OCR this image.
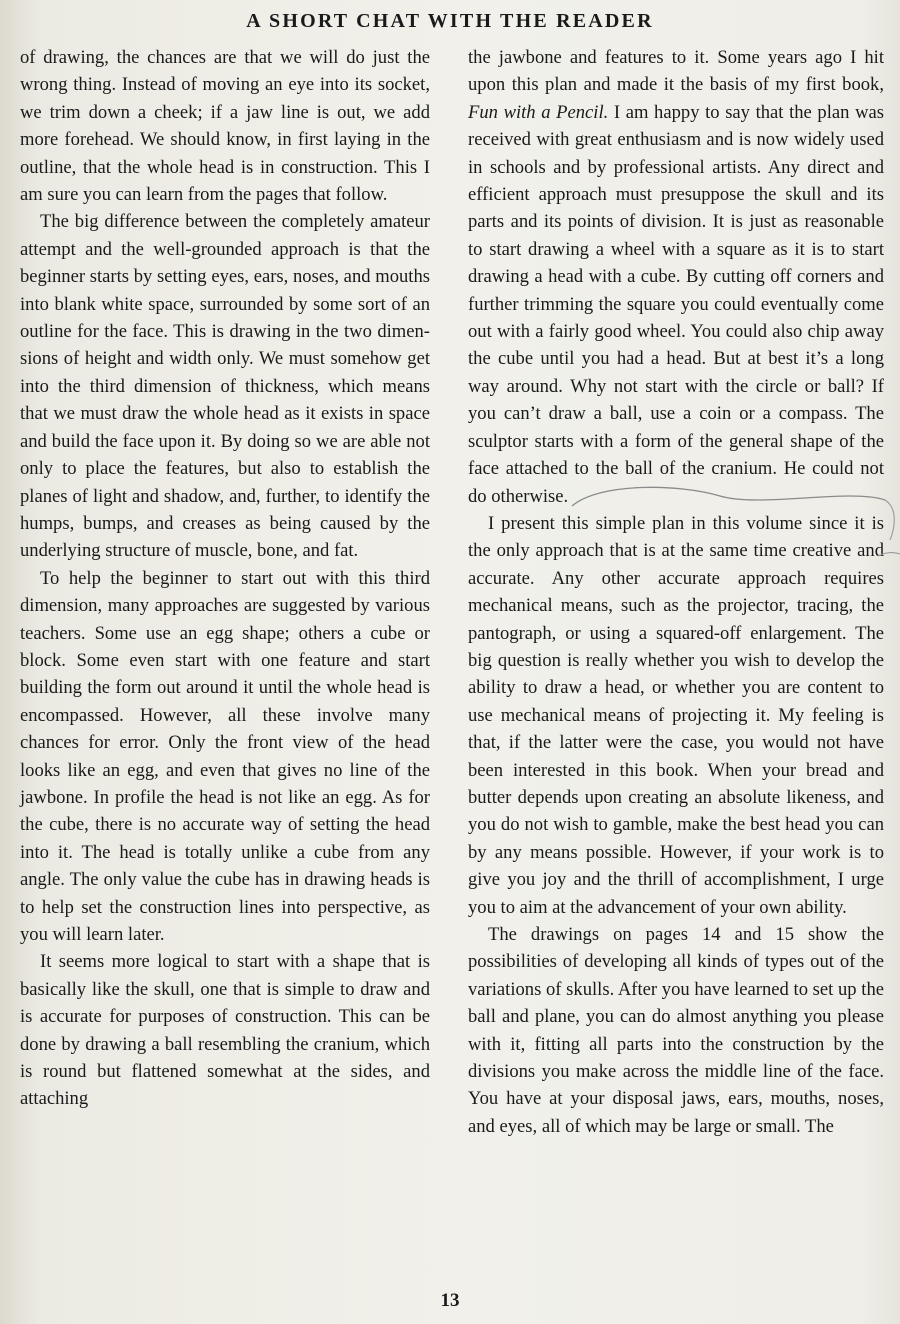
A SHORT CHAT WITH THE READER

of drawing, the chances are that we will do just the wrong thing. Instead of moving an eye into its socket, we trim down a cheek; if a jaw line is out, we add more forehead. We should know, in first laying in the outline, that the whole head is in construction. This I am sure you can learn from the pages that follow.

The big difference between the completely amateur attempt and the well-grounded approach is that the beginner starts by setting eyes, ears, noses, and mouths into blank white space, surrounded by some sort of an outline for the face. This is drawing in the two dimensions of height and width only. We must somehow get into the third dimension of thickness, which means that we must draw the whole head as it exists in space and build the face upon it. By doing so we are able not only to place the features, but also to establish the planes of light and shadow, and, further, to identify the humps, bumps, and creases as being caused by the underlying structure of muscle, bone, and fat.

To help the beginner to start out with this third dimension, many approaches are suggested by various teachers. Some use an egg shape; others a cube or block. Some even start with one feature and start building the form out around it until the whole head is encompassed. However, all these involve many chances for error. Only the front view of the head looks like an egg, and even that gives no line of the jawbone. In profile the head is not like an egg. As for the cube, there is no accurate way of setting the head into it. The head is totally unlike a cube from any angle. The only value the cube has in drawing heads is to help set the construction lines into perspective, as you will learn later.

It seems more logical to start with a shape that is basically like the skull, one that is simple to draw and is accurate for purposes of construction. This can be done by drawing a ball resembling the cranium, which is round but flattened somewhat at the sides, and attaching

the jawbone and features to it. Some years ago I hit upon this plan and made it the basis of my first book, Fun with a Pencil. I am happy to say that the plan was received with great enthusiasm and is now widely used in schools and by professional artists. Any direct and efficient approach must presuppose the skull and its parts and its points of division. It is just as reasonable to start drawing a wheel with a square as it is to start drawing a head with a cube. By cutting off corners and further trimming the square you could eventually come out with a fairly good wheel. You could also chip away the cube until you had a head. But at best it’s a long way around. Why not start with the circle or ball? If you can’t draw a ball, use a coin or a compass. The sculptor starts with a form of the general shape of the face attached to the ball of the cranium. He could not do otherwise.

I present this simple plan in this volume since it is the only approach that is at the same time creative and accurate. Any other accurate approach requires mechanical means, such as the projector, tracing, the pantograph, or using a squared-off enlargement. The big question is really whether you wish to develop the ability to draw a head, or whether you are content to use mechanical means of projecting it. My feeling is that, if the latter were the case, you would not have been interested in this book. When your bread and butter depends upon creating an absolute likeness, and you do not wish to gamble, make the best head you can by any means possible. However, if your work is to give you joy and the thrill of accomplishment, I urge you to aim at the advancement of your own ability.

The drawings on pages 14 and 15 show the possibilities of developing all kinds of types out of the variations of skulls. After you have learned to set up the ball and plane, you can do almost anything you please with it, fitting all parts into the construction by the divisions you make across the middle line of the face. You have at your disposal jaws, ears, mouths, noses, and eyes, all of which may be large or small. The

13
